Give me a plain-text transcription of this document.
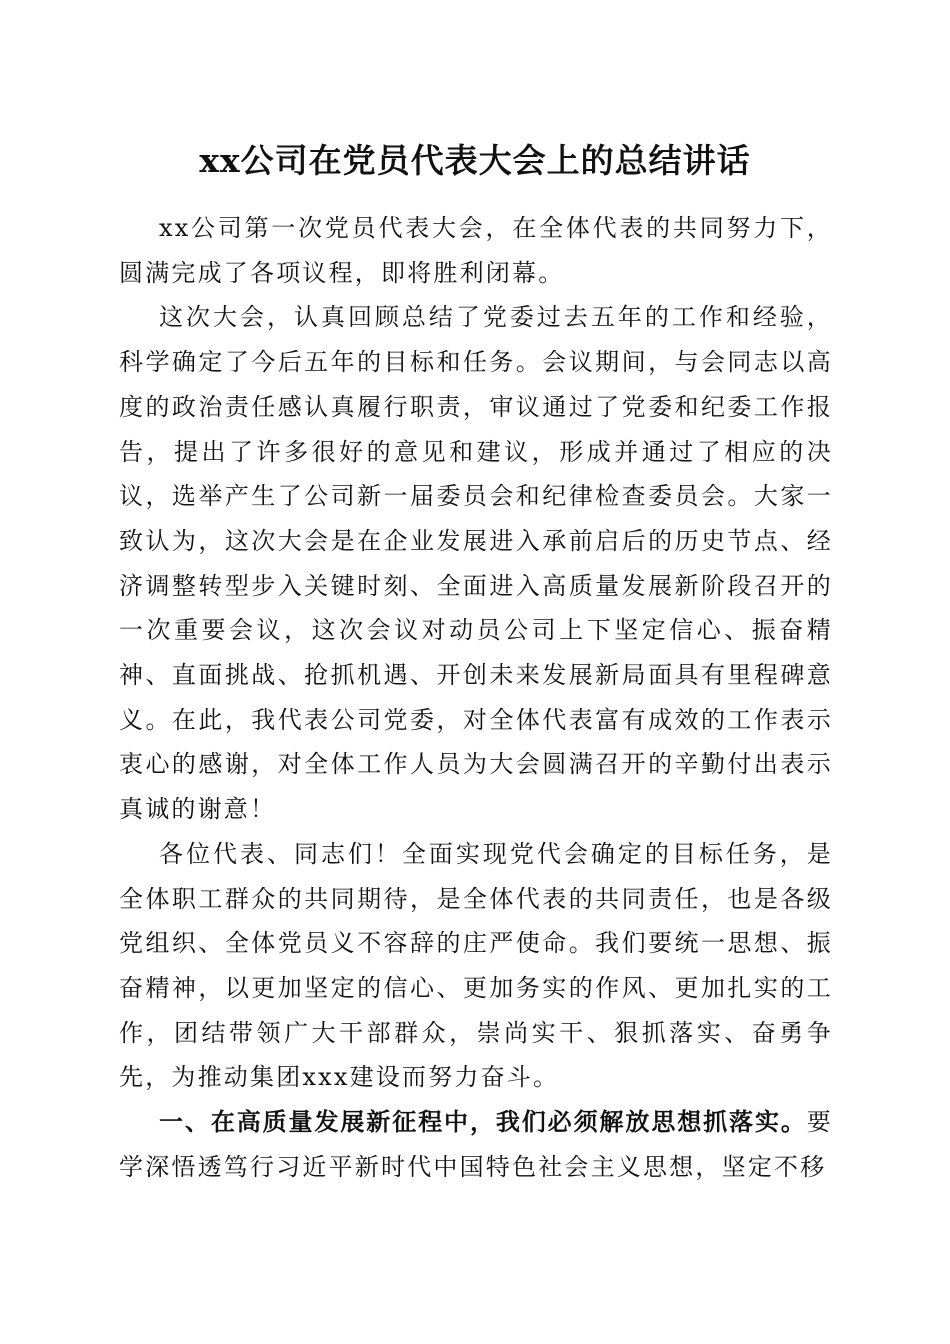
xx公司在党员代表大会上的总结讲话

xx公司第一次党员代表大会，在全体代表的共同努力下，圆满完成了各项议程，即将胜利闭幕。

这次大会，认真回顾总结了党委过去五年的工作和经验，科学确定了今后五年的目标和任务。会议期间，与会同志以高度的政治责任感认真履行职责，审议通过了党委和纪委工作报告，提出了许多很好的意见和建议，形成并通过了相应的决议，选举产生了公司新一届委员会和纪律检查委员会。大家一致认为，这次大会是在企业发展进入承前启后的历史节点、经济调整转型步入关键时刻、全面进入高质量发展新阶段召开的一次重要会议，这次会议对动员公司上下坚定信心、振奋精神、直面挑战、抢抓机遇、开创未来发展新局面具有里程碑意义。在此，我代表公司党委，对全体代表富有成效的工作表示衷心的感谢，对全体工作人员为大会圆满召开的辛勤付出表示真诚的谢意！

各位代表、同志们！全面实现党代会确定的目标任务，是全体职工群众的共同期待，是全体代表的共同责任，也是各级党组织、全体党员义不容辞的庄严使命。我们要统一思想、振奋精神，以更加坚定的信心、更加务实的作风、更加扎实的工作，团结带领广大干部群众，崇尚实干、狠抓落实、奋勇争先，为推动集团xxx建设而努力奋斗。

一、在高质量发展新征程中，我们必须解放思想抓落实。要学深悟透笃行习近平新时代中国特色社会主义思想，坚定不移
